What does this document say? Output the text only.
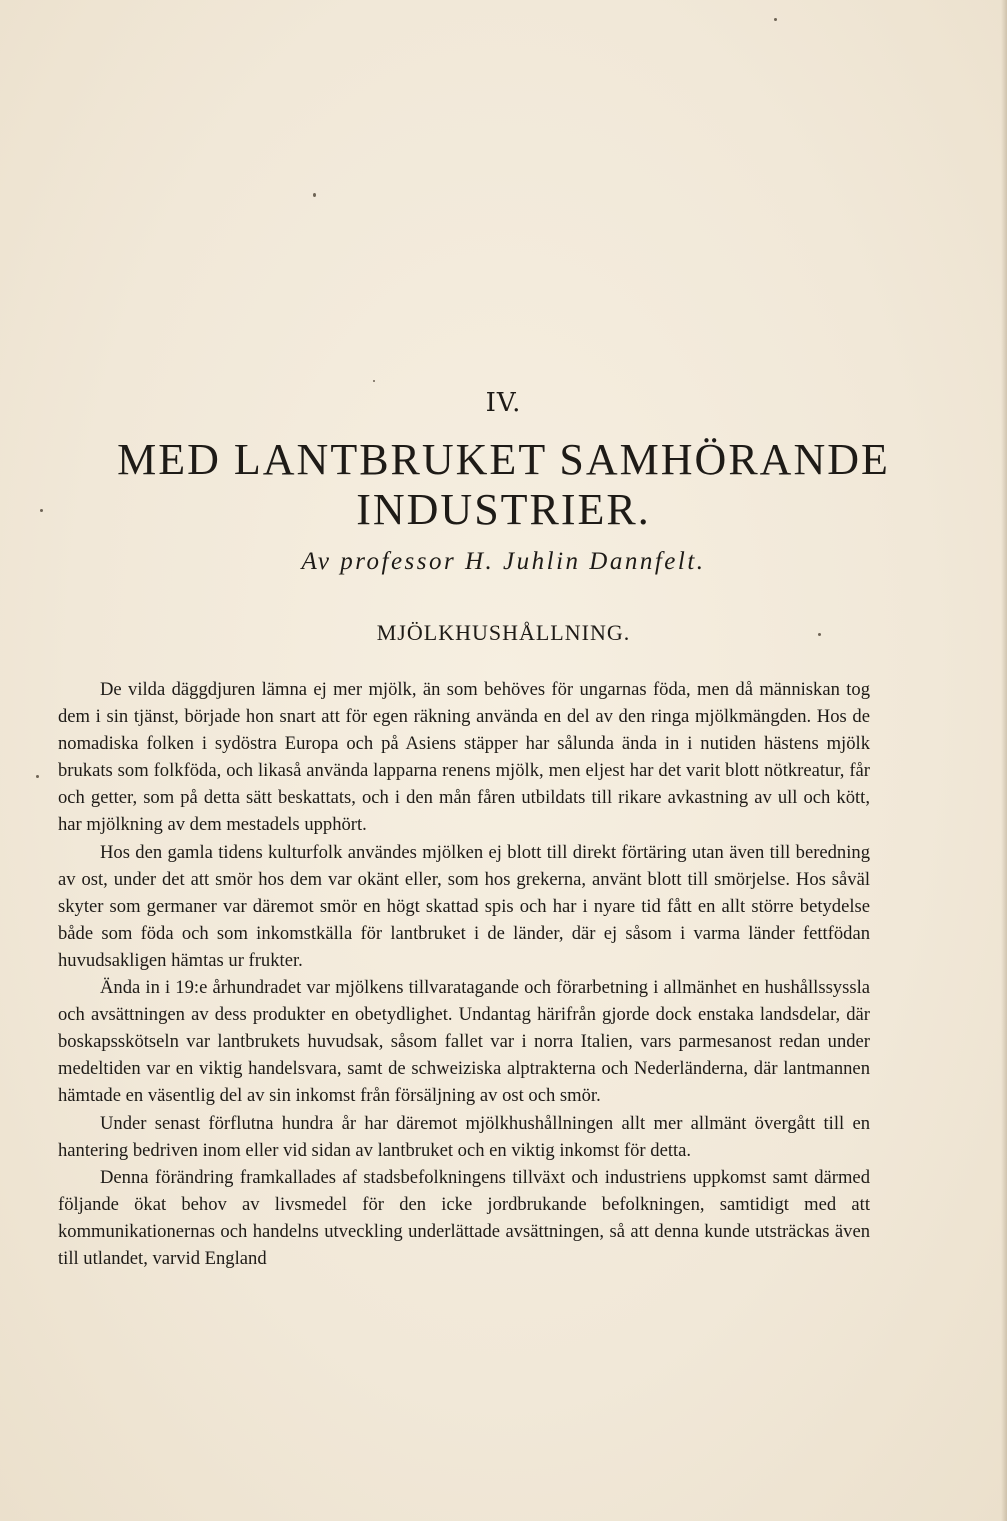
IV.
MED LANTBRUKET SAMHÖRANDE
INDUSTRIER.
Av professor H. Juhlin Dannfelt.
MJÖLKHUSHÅLLNING.

De vilda däggdjuren lämna ej mer mjölk, än som behöves för ungarnas föda, men då människan tog dem i sin tjänst, började hon snart att för egen räkning använda en del av den ringa mjölkmängden. Hos de nomadiska folken i sydöstra Europa och på Asiens stäpper har sålunda ända in i nutiden hästens mjölk brukats som folkföda, och likaså använda lapparna renens mjölk, men eljest har det varit blott nötkreatur, får och getter, som på detta sätt beskattats, och i den mån fåren utbildats till rikare avkastning av ull och kött, har mjölkning av dem mestadels upphört.

Hos den gamla tidens kulturfolk användes mjölken ej blott till direkt förtäring utan även till beredning av ost, under det att smör hos dem var okänt eller, som hos grekerna, använt blott till smörjelse. Hos såväl skyter som germaner var däremot smör en högt skattad spis och har i nyare tid fått en allt större betydelse både som föda och som inkomstkälla för lantbruket i de länder, där ej såsom i varma länder fettfödan huvudsakligen hämtas ur frukter.

Ända in i 19:e århundradet var mjölkens tillvaratagande och förarbetning i allmänhet en hushållssyssla och avsättningen av dess produkter en obetydlighet. Undantag härifrån gjorde dock enstaka landsdelar, där boskapsskötseln var lantbrukets huvudsak, såsom fallet var i norra Italien, vars parmesanost redan under medeltiden var en viktig handelsvara, samt de schweiziska alptrakterna och Nederländerna, där lantmannen hämtade en väsentlig del av sin inkomst från försäljning av ost och smör.

Under senast förflutna hundra år har däremot mjölkhushållningen allt mer allmänt övergått till en hantering bedriven inom eller vid sidan av lantbruket och en viktig inkomst för detta.

Denna förändring framkallades af stadsbefolkningens tillväxt och industriens uppkomst samt därmed följande ökat behov av livsmedel för den icke jordbrukande befolkningen, samtidigt med att kommunikationernas och handelns utveckling underlättade avsättningen, så att denna kunde utsträckas även till utlandet, varvid England
